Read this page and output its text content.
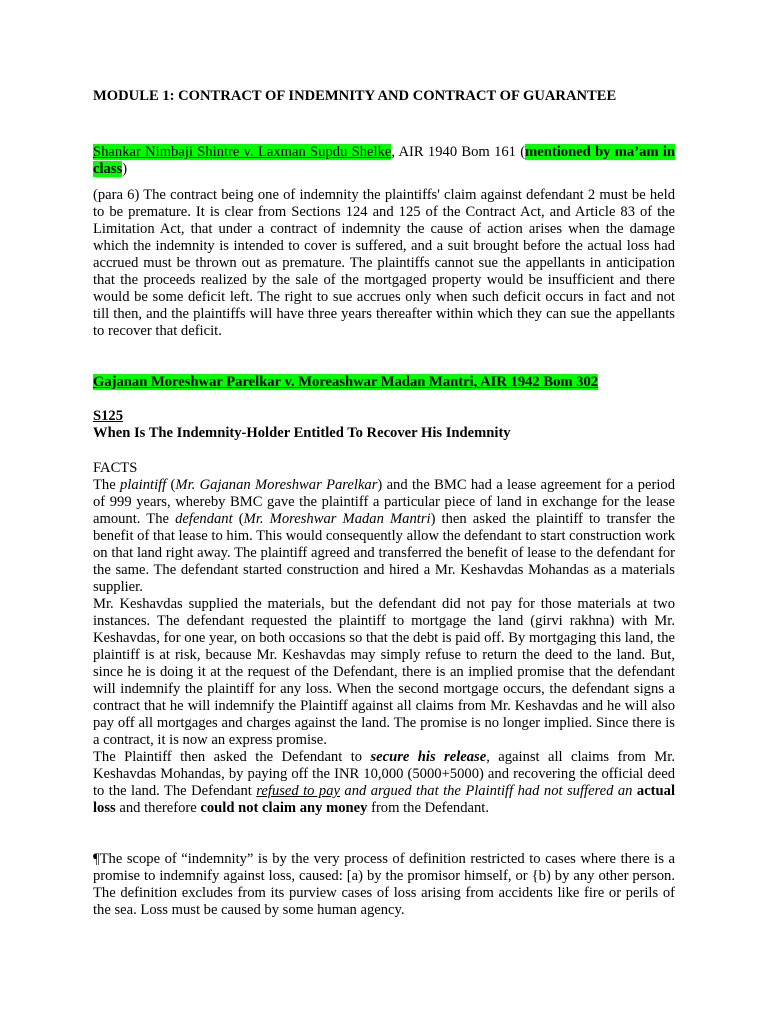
MODULE 1: CONTRACT OF INDEMNITY AND CONTRACT OF GUARANTEE

Shankar Nimbaji Shintre v. Laxman Supdu Shelke, AIR 1940 Bom 161 (mentioned by ma’am in class)

(para 6) The contract being one of indemnity the plaintiffs' claim against defendant 2 must be held to be premature. It is clear from Sections 124 and 125 of the Contract Act, and Article 83 of the Limitation Act, that under a contract of indemnity the cause of action arises when the damage which the indemnity is intended to cover is suffered, and a suit brought before the actual loss had accrued must be thrown out as premature. The plaintiffs cannot sue the appellants in anticipation that the proceeds realized by the sale of the mortgaged property would be insufficient and there would be some deficit left. The right to sue accrues only when such deficit occurs in fact and not till then, and the plaintiffs will have three years thereafter within which they can sue the appellants to recover that deficit.

Gajanan Moreshwar Parelkar v. Moreashwar Madan Mantri, AIR 1942 Bom 302
S125
When Is The Indemnity-Holder Entitled To Recover His Indemnity
FACTS

The plaintiff (Mr. Gajanan Moreshwar Parelkar) and the BMC had a lease agreement for a period of 999 years, whereby BMC gave the plaintiff a particular piece of land in exchange for the lease amount. The defendant (Mr. Moreshwar Madan Mantri) then asked the plaintiff to transfer the benefit of that lease to him. This would consequently allow the defendant to start construction work on that land right away. The plaintiff agreed and transferred the benefit of lease to the defendant for the same. The defendant started construction and hired a Mr. Keshavdas Mohandas as a materials supplier.

Mr. Keshavdas supplied the materials, but the defendant did not pay for those materials at two instances. The defendant requested the plaintiff to mortgage the land (girvi rakhna) with Mr. Keshavdas, for one year, on both occasions so that the debt is paid off. By mortgaging this land, the plaintiff is at risk, because Mr. Keshavdas may simply refuse to return the deed to the land. But, since he is doing it at the request of the Defendant, there is an implied promise that the defendant will indemnify the plaintiff for any loss. When the second mortgage occurs, the defendant signs a contract that he will indemnify the Plaintiff against all claims from Mr. Keshavdas and he will also pay off all mortgages and charges against the land. The promise is no longer implied. Since there is a contract, it is now an express promise.

The Plaintiff then asked the Defendant to secure his release, against all claims from Mr. Keshavdas Mohandas, by paying off the INR 10,000 (5000+5000) and recovering the official deed to the land. The Defendant refused to pay and argued that the Plaintiff had not suffered an actual loss and therefore could not claim any money from the Defendant.

¶The scope of “indemnity” is by the very process of definition restricted to cases where there is a promise to indemnify against loss, caused: [a) by the promisor himself, or {b) by any other person. The definition excludes from its purview cases of loss arising from accidents like fire or perils of the sea. Loss must be caused by some human agency.
